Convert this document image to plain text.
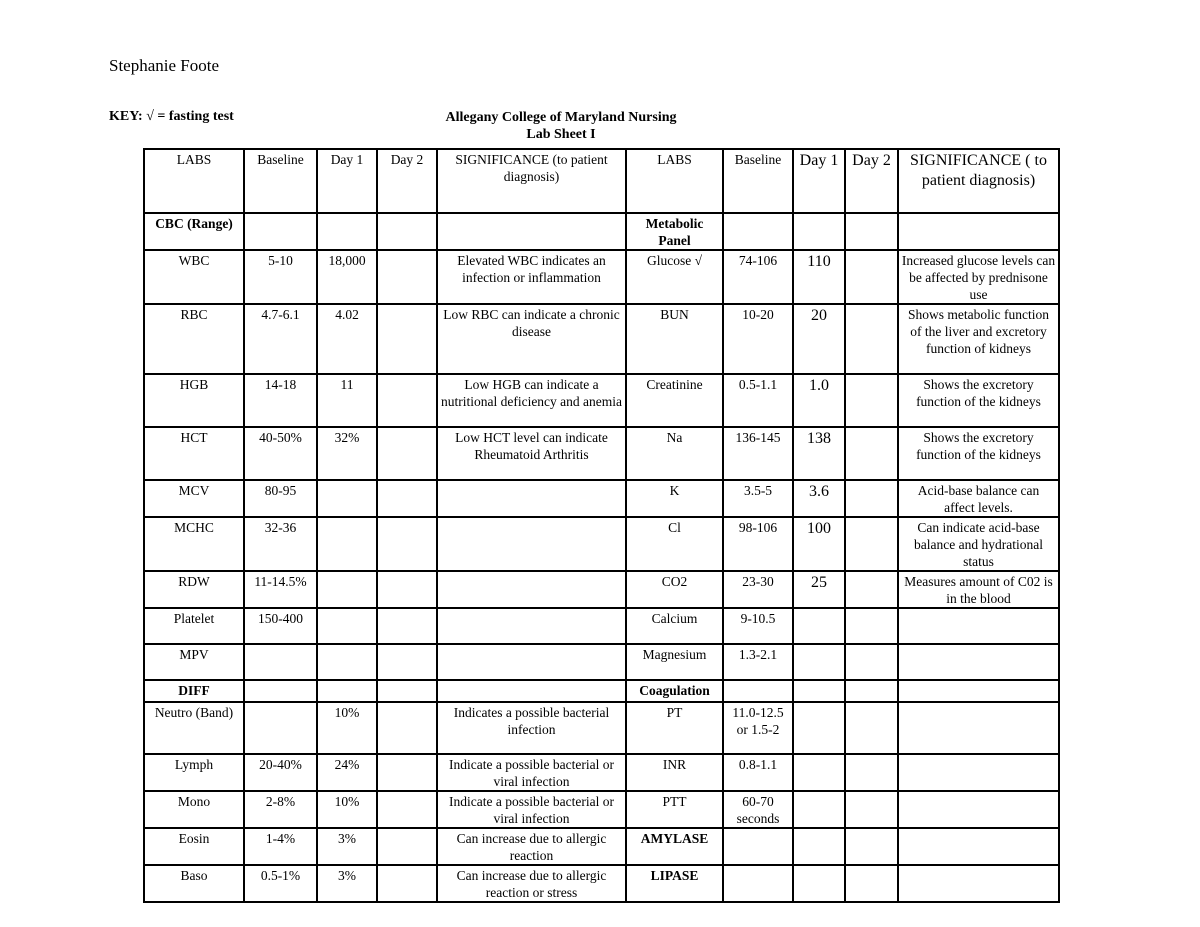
Stephanie Foote
KEY: √ = fasting test	Allegany College of Maryland Nursing
Lab Sheet I
LABS	Baseline	Day 1	Day 2	SIGNIFICANCE (to patient diagnosis)	LABS	Baseline	Day 1	Day 2	SIGNIFICANCE ( to patient diagnosis)
CBC (Range)					Metabolic Panel				
WBC	5-10	18,000		Elevated WBC indicates an infection or inflammation	Glucose √	74-106	110		Increased glucose levels can be affected by prednisone use
RBC	4.7-6.1	4.02		Low RBC can indicate a chronic disease	BUN	10-20	20		Shows metabolic function of the liver and excretory function of kidneys
HGB	14-18	11		Low HGB can indicate a nutritional deficiency and anemia	Creatinine	0.5-1.1	1.0		Shows the excretory function of the kidneys
HCT	40-50%	32%		Low HCT level can indicate Rheumatoid Arthritis	Na	136-145	138		Shows the excretory function of the kidneys
MCV	80-95				K	3.5-5	3.6		Acid-base balance can affect levels.
MCHC	32-36				Cl	98-106	100		Can indicate acid-base balance and hydrational status
RDW	11-14.5%				CO2	23-30	25		Measures amount of C02 is in the blood
Platelet	150-400				Calcium	9-10.5			
MPV					Magnesium	1.3-2.1			
DIFF					Coagulation				
Neutro (Band)		10%		Indicates a possible bacterial infection	PT	11.0-12.5 or 1.5-2			
Lymph	20-40%	24%		Indicate a possible bacterial or viral infection	INR	0.8-1.1			
Mono	2-8%	10%		Indicate a possible bacterial or viral infection	PTT	60-70 seconds			
Eosin	1-4%	3%		Can increase due to allergic reaction	AMYLASE				
Baso	0.5-1%	3%		Can increase due to allergic reaction or stress	LIPASE				
